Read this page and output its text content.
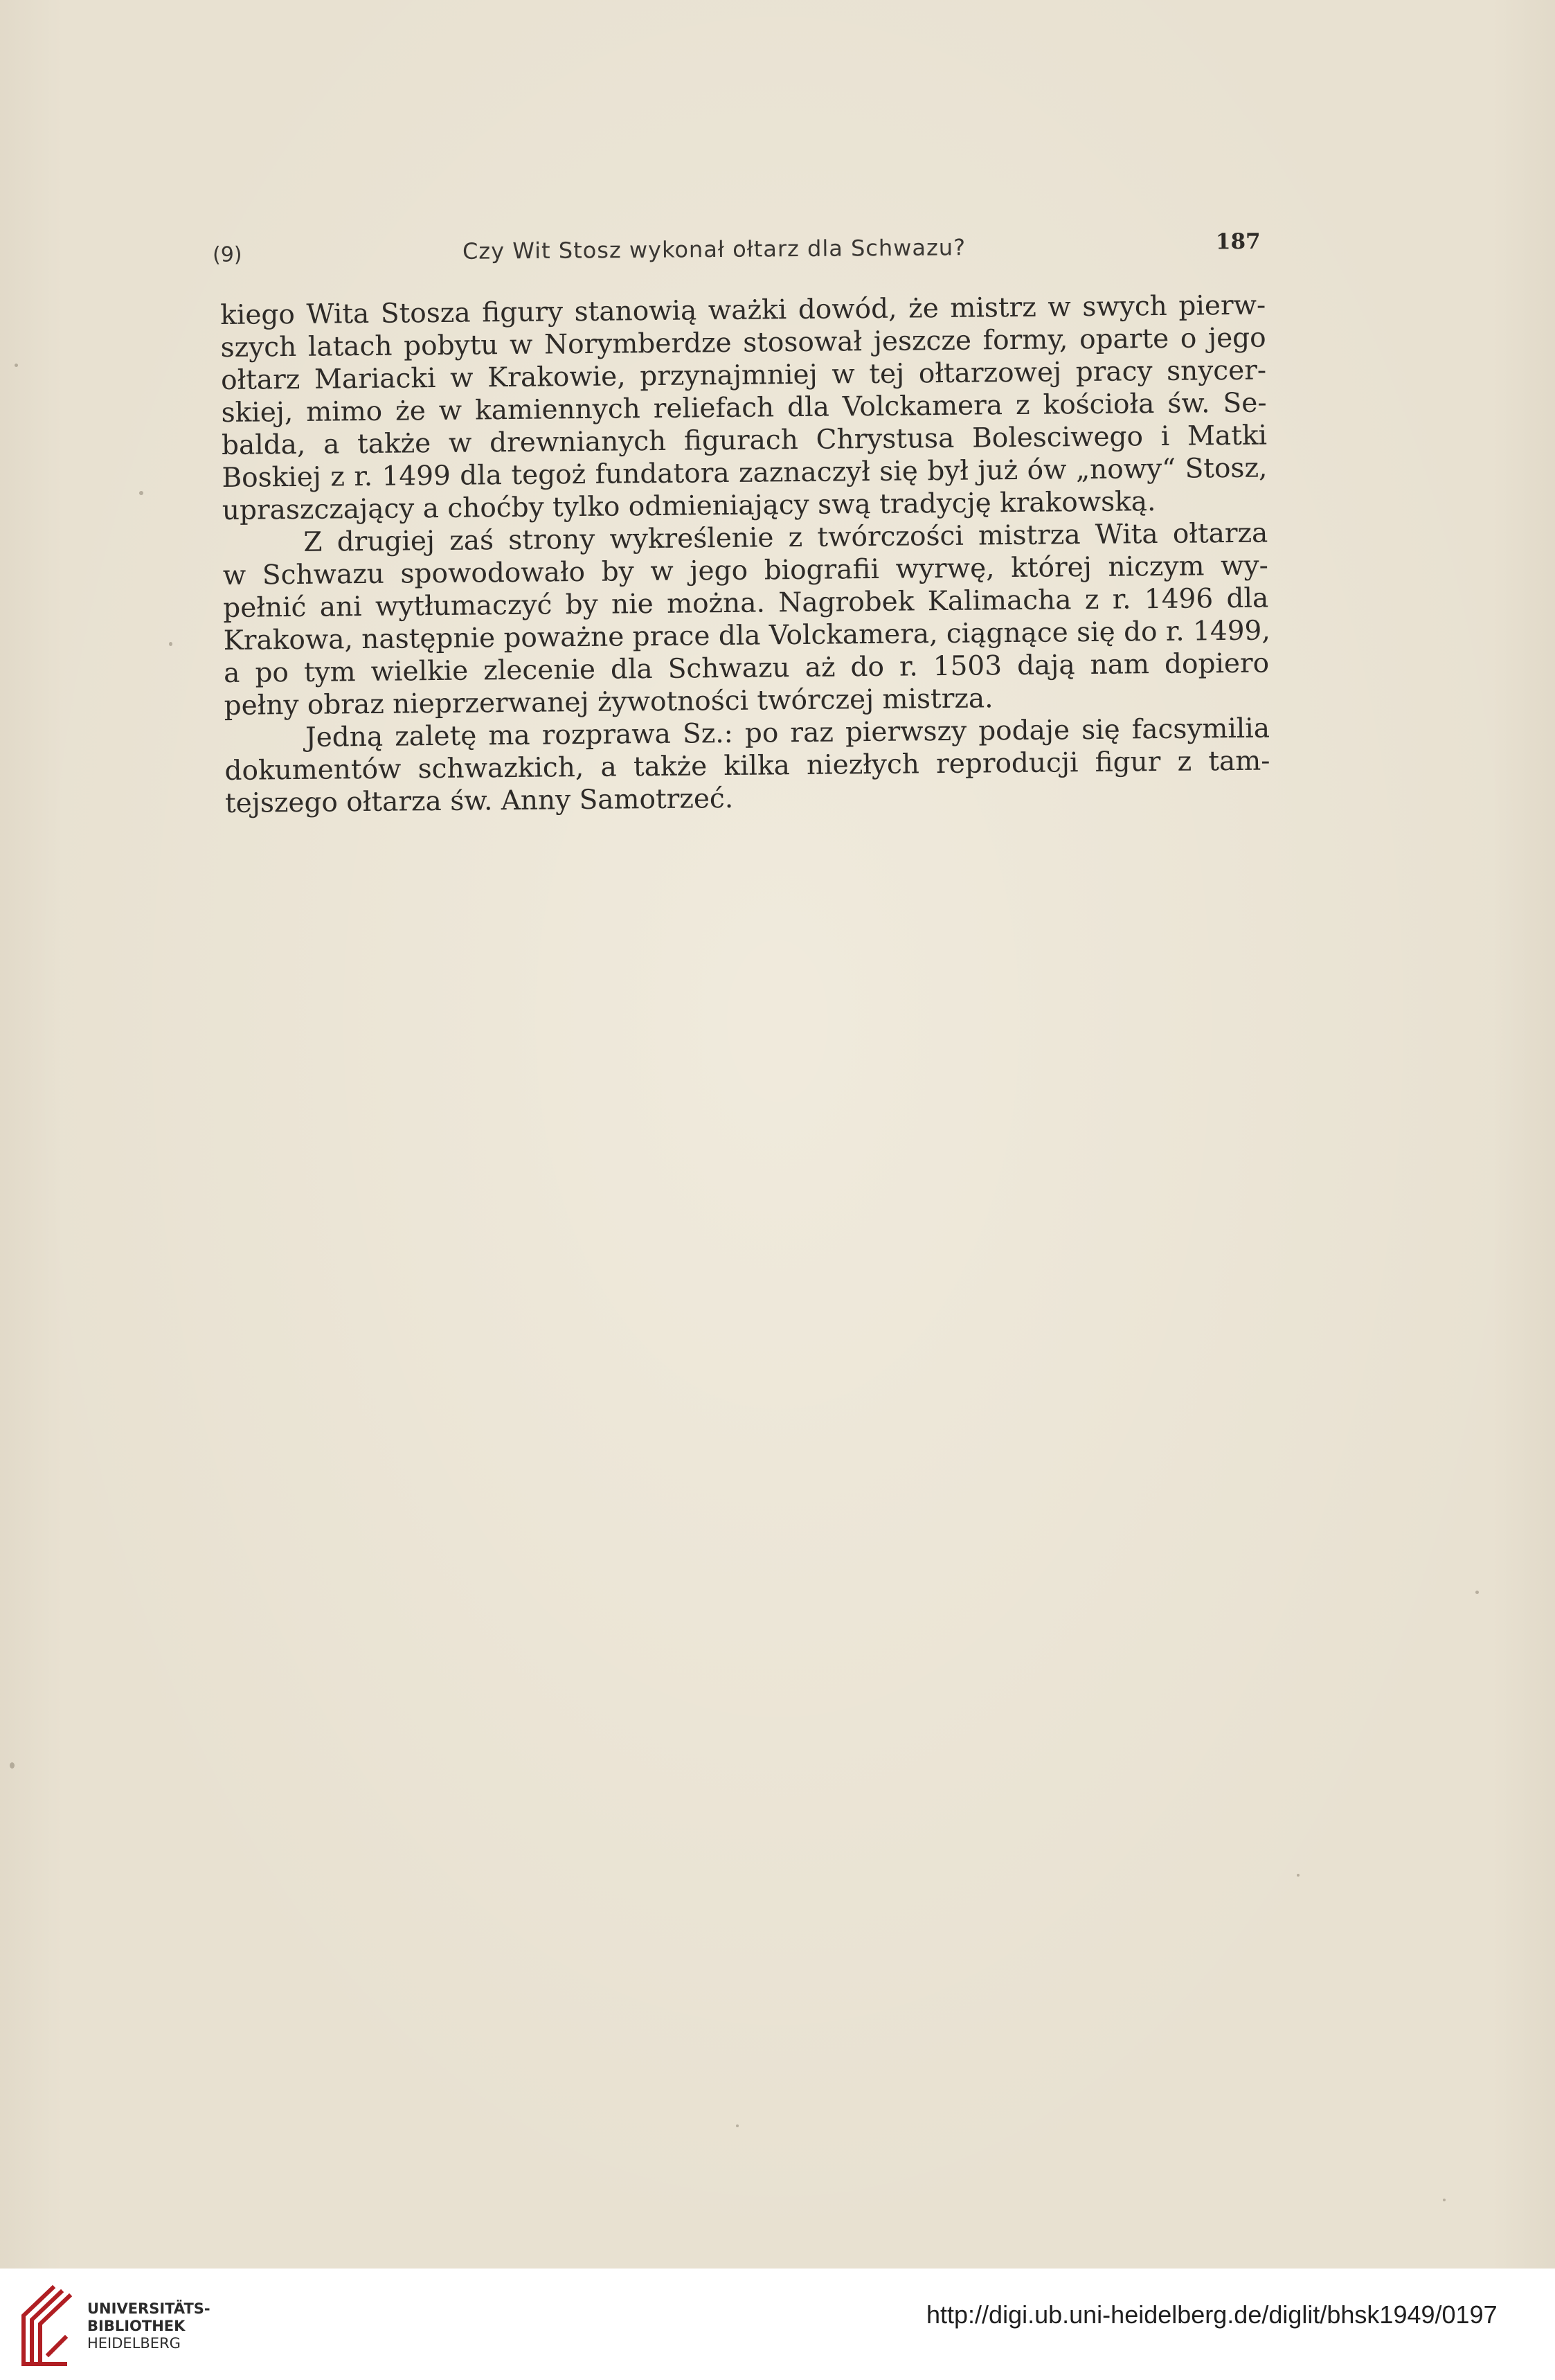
(9)	Czy Wit Stosz wykonał ołtarz dla Schwazu?	187
kiego Wita Stosza figury stanowią ważki dowód, że mistrz w swych pierw-
szych latach pobytu w Norymberdze stosował jeszcze formy, oparte o jego
ołtarz Mariacki w Krakowie, przynajmniej w tej ołtarzowej pracy snycer-
skiej, mimo że w kamiennych reliefach dla Volckamera z kościoła św. Se-
balda, a także w drewnianych figurach Chrystusa Bolesciwego i Matki
Boskiej z r. 1499 dla tegoż fundatora zaznaczył się był już ów „nowy“ Stosz,
upraszczający a choćby tylko odmieniający swą tradycję krakowską.
Z drugiej zaś strony wykreślenie z twórczości mistrza Wita ołtarza
w Schwazu spowodowało by w jego biografii wyrwę, której niczym wy-
pełnić ani wytłumaczyć by nie można. Nagrobek Kalimacha z r. 1496 dla
Krakowa, następnie poważne prace dla Volckamera, ciągnące się do r. 1499,
a po tym wielkie zlecenie dla Schwazu aż do r. 1503 dają nam dopiero
pełny obraz nieprzerwanej żywotności twórczej mistrza.
Jedną zaletę ma rozprawa Sz.: po raz pierwszy podaje się facsymilia
dokumentów schwazkich, a także kilka niezłych reproducji figur z tam-
tejszego ołtarza św. Anny Samotrzeć.
UNIVERSITÄTS-
BIBLIOTHEK
HEIDELBERG
http://digi.ub.uni-heidelberg.de/diglit/bhsk1949/0197
